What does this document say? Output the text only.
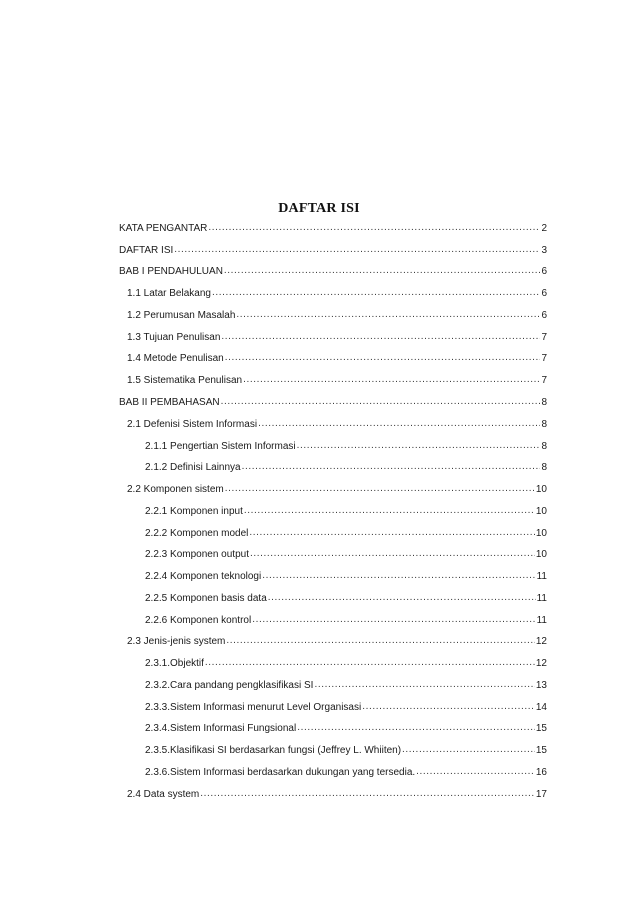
DAFTAR ISI
KATA PENGANTAR .....	2
DAFTAR ISI .....	3
BAB I PENDAHULUAN .....	6
1.1 Latar Belakang .....	6
1.2 Perumusan Masalah .....	6
1.3 Tujuan Penulisan .....	7
1.4 Metode Penulisan .....	7
1.5 Sistematika Penulisan .....	7
BAB II PEMBAHASAN .....	8
2.1 Defenisi Sistem Informasi .....	8
2.1.1 Pengertian Sistem Informasi .....	8
2.1.2 Definisi Lainnya .....	8
2.2 Komponen sistem .....	10
2.2.1 Komponen input .....	10
2.2.2 Komponen model .....	10
2.2.3 Komponen output .....	10
2.2.4 Komponen teknologi .....	11
2.2.5 Komponen basis data .....	11
2.2.6 Komponen kontrol .....	11
2.3 Jenis-jenis system .....	12
2.3.1.Objektif .....	12
2.3.2.Cara pandang pengklasifikasi SI .....	13
2.3.3.Sistem Informasi menurut Level Organisasi .....	14
2.3.4.Sistem Informasi Fungsional .....	15
2.3.5.Klasifikasi SI berdasarkan fungsi (Jeffrey L. Whiiten) .....	15
2.3.6.Sistem Informasi berdasarkan dukungan yang tersedia. .....	16
2.4 Data system .....	17
